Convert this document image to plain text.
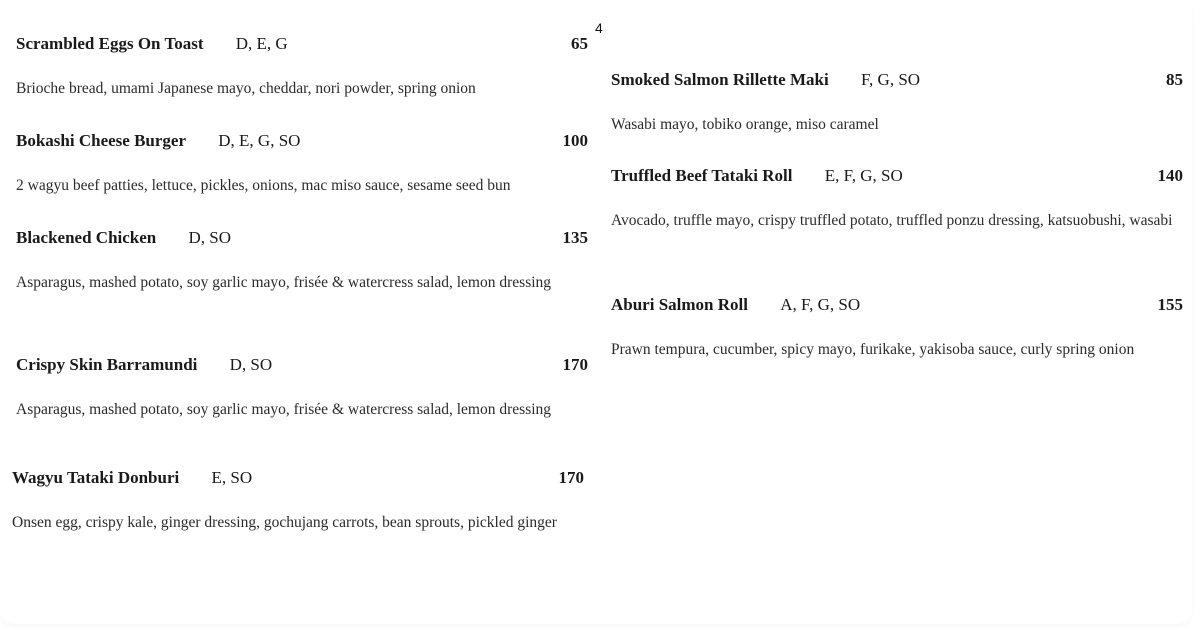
4
Scrambled Eggs On Toast D, E, G	65
Brioche bread, umami Japanese mayo, cheddar, nori powder, spring onion
Bokashi Cheese Burger D, E, G, SO	100
2 wagyu beef patties, lettuce, pickles, onions, mac miso sauce, sesame seed bun
Blackened Chicken D, SO	135
Asparagus, mashed potato, soy garlic mayo, frisée & watercress salad, lemon dressing
Crispy Skin Barramundi D, SO	170
Asparagus, mashed potato, soy garlic mayo, frisée & watercress salad, lemon dressing
Wagyu Tataki Donburi E, SO	170
Onsen egg, crispy kale, ginger dressing, gochujang carrots, bean sprouts, pickled ginger
Smoked Salmon Rillette Maki F, G, SO	85
Wasabi mayo, tobiko orange, miso caramel
Truffled Beef Tataki Roll E, F, G, SO	140
Avocado, truffle mayo, crispy truffled potato, truffled ponzu dressing, katsuobushi, wasabi
Aburi Salmon Roll A, F, G, SO	155
Prawn tempura, cucumber, spicy mayo, furikake, yakisoba sauce, curly spring onion
